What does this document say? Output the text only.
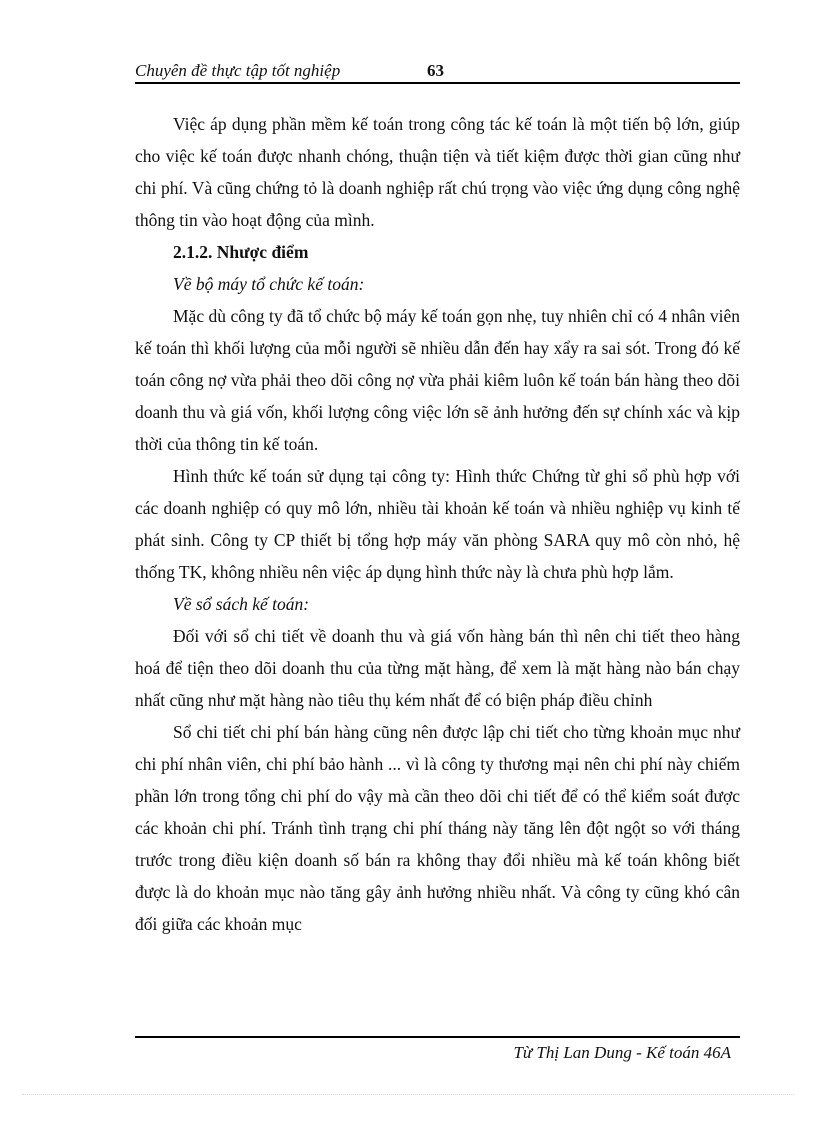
Chuyên đề thực tập tốt nghiệp	63

Việc áp dụng phần mềm kế toán trong công tác kế toán là một tiến bộ lớn, giúp cho việc kế toán được nhanh chóng, thuận tiện và tiết kiệm được thời gian cũng như chi phí. Và cũng chứng tỏ là doanh nghiệp rất chú trọng vào việc ứng dụng công nghệ thông tin vào hoạt động của mình.

2.1.2. Nhược điểm

Về bộ máy tổ chức kế toán:

Mặc dù công ty đã tổ chức bộ máy kế toán gọn nhẹ, tuy nhiên chỉ có 4 nhân viên kế toán thì khối lượng của mỗi người sẽ nhiều dẫn đến hay xẩy ra sai sót. Trong đó kế toán công nợ vừa phải theo dõi công nợ vừa phải kiêm luôn kế toán bán hàng theo dõi doanh thu và giá vốn, khối lượng công việc lớn sẽ ảnh hưởng đến sự chính xác và kịp thời của thông tin kế toán.

Hình thức kế toán sử dụng tại công ty: Hình thức Chứng từ ghi sổ phù hợp với các doanh nghiệp có quy mô lớn, nhiều tài khoản kế toán và nhiều nghiệp vụ kinh tế phát sinh. Công ty CP thiết bị tổng hợp máy văn phòng SARA quy mô còn nhỏ, hệ thống TK, không nhiều nên việc áp dụng hình thức này là chưa phù hợp lắm.

Về sổ sách kế toán:

Đối với sổ chi tiết về doanh thu và giá vốn hàng bán thì nên chi tiết theo hàng hoá để tiện theo dõi doanh thu của từng mặt hàng, để xem là mặt hàng nào bán chạy nhất cũng như mặt hàng nào tiêu thụ kém nhất để có biện pháp điều chỉnh

Sổ chi tiết chi phí bán hàng cũng nên được lập chi tiết cho từng khoản mục như chi phí nhân viên, chi phí bảo hành ... vì là công ty thương mại nên chi phí này chiếm phần lớn trong tổng chi phí do vậy mà cần theo dõi chi tiết để có thể kiểm soát được các khoản chi phí. Tránh tình trạng chi phí tháng này tăng lên đột ngột so với tháng trước trong điều kiện doanh số bán ra không thay đổi nhiều mà kế toán không biết được là do khoản mục nào tăng gây ảnh hưởng nhiều nhất. Và công ty cũng khó cân đối giữa các khoản mục

Từ Thị Lan Dung - Kế toán 46A
